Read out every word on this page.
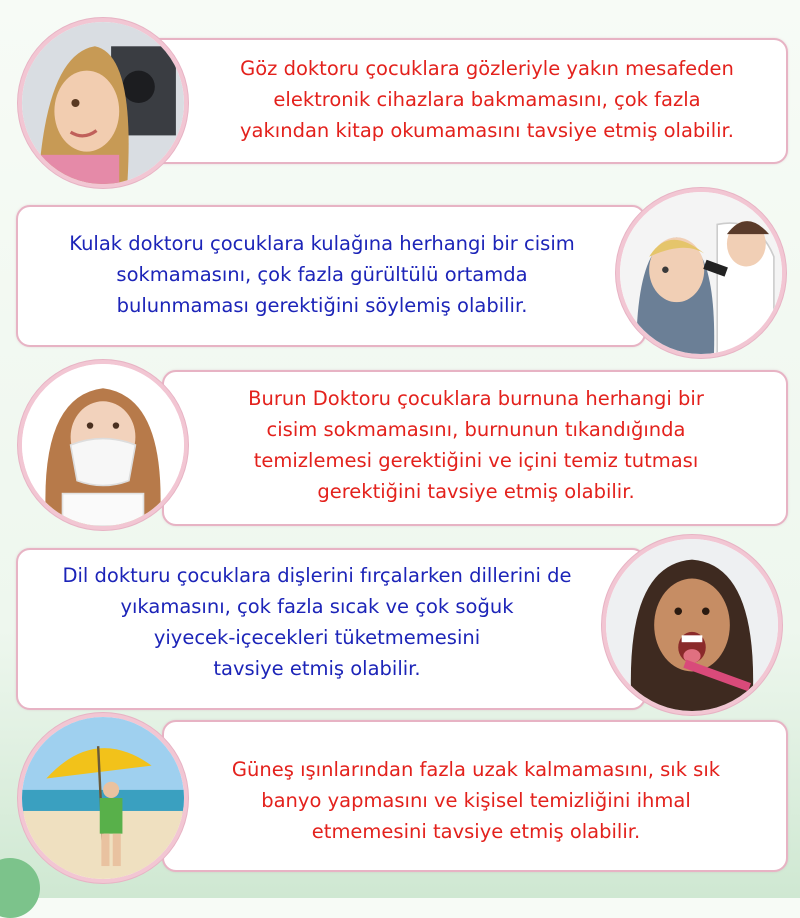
Göz doktoru çocuklara gözleriyle yakın mesafeden
elektronik cihazlara bakmamasını, çok fazla
yakından kitap okumamasını tavsiye etmiş olabilir.
Kulak doktoru çocuklara kulağına herhangi bir cisim
sokmamasını, çok fazla gürültülü ortamda
bulunmaması gerektiğini söylemiş olabilir.
Burun Doktoru çocuklara burnuna herhangi bir
cisim sokmamasını, burnunun tıkandığında
temizlemesi gerektiğini ve içini temiz tutması
gerektiğini tavsiye etmiş olabilir.
Dil dokturu çocuklara dişlerini fırçalarken dillerini de
yıkamasını, çok fazla sıcak ve çok soğuk
yiyecek-içecekleri tüketmemesini
tavsiye etmiş olabilir.
Güneş ışınlarından fazla uzak kalmamasını, sık sık
banyo yapmasını ve kişisel temizliğini ihmal
etmemesini tavsiye etmiş olabilir.
